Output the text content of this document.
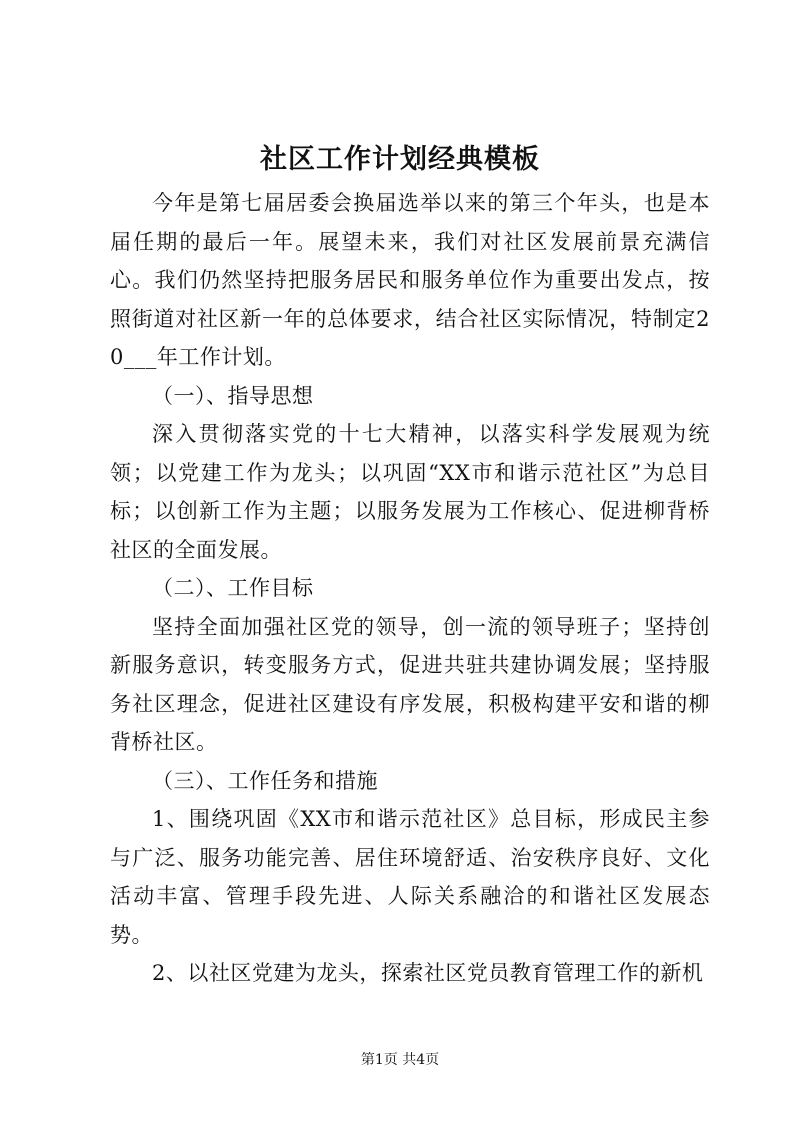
社区工作计划经典模板

今年是第七届居委会换届选举以来的第三个年头，也是本届任期的最后一年。展望未来，我们对社区发展前景充满信心。我们仍然坚持把服务居民和服务单位作为重要出发点，按照街道对社区新一年的总体要求，结合社区实际情况，特制定20___年工作计划。

（一）、指导思想

深入贯彻落实党的十七大精神，以落实科学发展观为统领；以党建工作为龙头；以巩固“XX市和谐示范社区”为总目标；以创新工作为主题；以服务发展为工作核心、促进柳背桥社区的全面发展。

（二）、工作目标

坚持全面加强社区党的领导，创一流的领导班子；坚持创新服务意识，转变服务方式，促进共驻共建协调发展；坚持服务社区理念，促进社区建设有序发展，积极构建平安和谐的柳背桥社区。

（三）、工作任务和措施

1、围绕巩固《XX市和谐示范社区》总目标，形成民主参与广泛、服务功能完善、居住环境舒适、治安秩序良好、文化活动丰富、管理手段先进、人际关系融洽的和谐社区发展态势。

2、以社区党建为龙头，探索社区党员教育管理工作的新机

第1页 共4页
